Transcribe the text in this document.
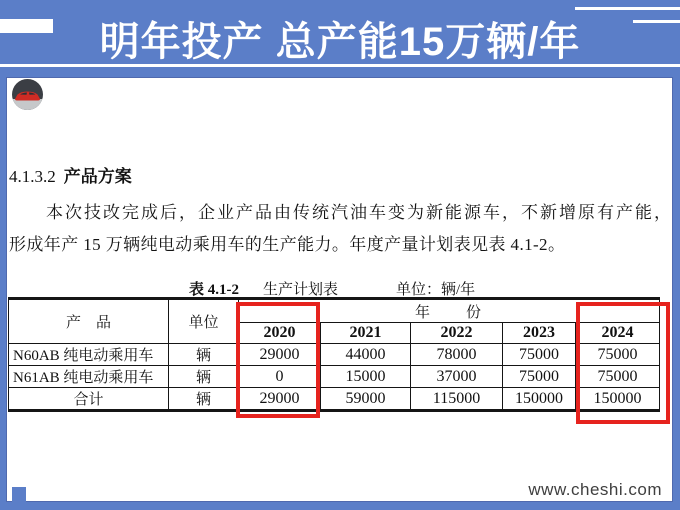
明年投产 总产能15万辆/年
4.1.3.2 产品方案
本次技改完成后，企业产品由传统汽油车变为新能源车，不新增原有产能，
形成年产 15 万辆纯电动乘用车的生产能力。年度产量计划表见表 4.1-2。
表 4.1-2 生产计划表	单位：辆/年
产　品	单位	年　　份				
		2020	2021	2022	2023	2024
N60AB 纯电动乘用车	辆	29000	44000	78000	75000	75000
N61AB 纯电动乘用车	辆	0	15000	37000	75000	75000
合计	辆	29000	59000	115000	150000	150000
www.cheshi.com
